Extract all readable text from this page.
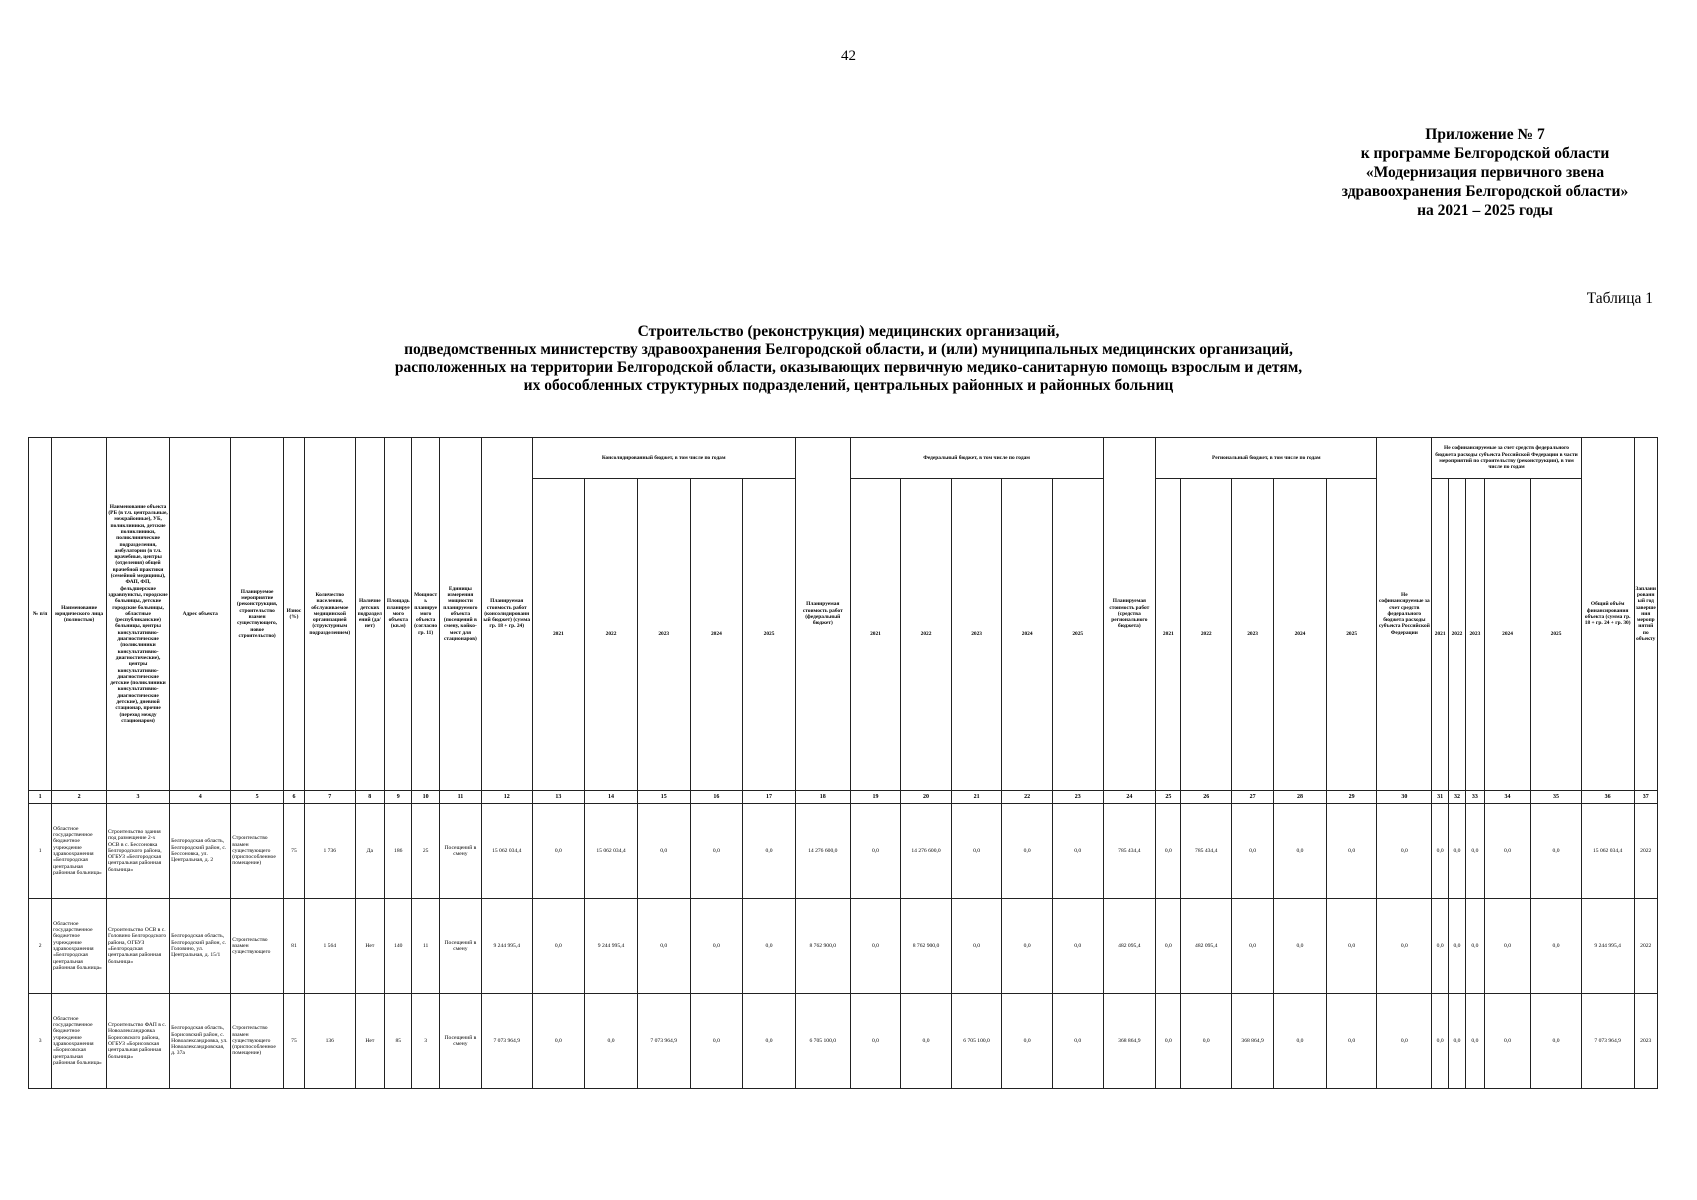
42
Приложение № 7
к программе Белгородской области
«Модернизация первичного звена
здравоохранения Белгородской области»
на 2021 – 2025 годы
Таблица 1
Строительство (реконструкция) медицинских организаций,
подведомственных министерству здравоохранения Белгородской области, и (или) муниципальных медицинских организаций,
расположенных на территории Белгородской области, оказывающих первичную медико-санитарную помощь взрослым и детям,
их обособленных структурных подразделений, центральных районных и районных больниц
№ п/п	Наименование юридического лица (полностью)	Наименование объекта (РБ (в т.ч. центральные, межрайонные), УБ, поликлиники, детские поликлиники, поликлинические подразделения, амбулатории (в т.ч. врачебные, центры (отделения) общей врачебной практики (семейной медицины), ФАП, ФП, фельдшерские здравпункты, городские больницы, детские городские больницы, областные (республиканские) больницы, центры консультативно-диагностические (поликлиники консультативно-диагностические), центры консультативно-диагностические детские (поликлиники консультативно-диагностические детские), дневной стационар, прочие (переход между стационаром)	Адрес объекта	Планируемое мероприятие (реконструкция, строительство взамен существующего, новое строительство)	Износ (%)	Количество населения, обслуживаемое медицинской организацией (структурным подразделением)	Наличие детских подразделений (да/нет)	Площадь планируемого объекта (кв.м)	Мощность планируемого объекта (согласно гр. 11)	Единицы измерения мощности планируемого объекта (посещений в смену, койко-мест для стационаров)	Планируемая стоимость работ (консолидированный бюджет) (сумма гр. 18 + гр. 24)	Консолидированный бюджет, в том числе по годам					Планируемая стоимость работ (федеральный бюджет)	Федеральный бюджет, в том числе по годам					Планируемая стоимость работ (средства регионального бюджета)	Региональный бюджет, в том числе по годам					Не софинансируемые за счет средств федерального бюджета расходы субъекта Российской Федерации	Не софинансируемые за счет средств федерального бюджета расходы субъекта Российской Федерации в части мероприятий по строительству (реконструкции), в том числе по годам					Общий объём финансирования объекта (сумма гр. 18 + гр. 24 + гр. 30)	Запланированный год завершения мероприятий по объекту
												2021	2022	2023	2024	2025		2021	2022	2023	2024	2025		2021	2022	2023	2024	2025		2021	2022	2023	2024	2025		
1	2	3	4	5	6	7	8	9	10	11	12	13	14	15	16	17	18	19	20	21	22	23	24	25	26	27	28	29	30	31	32	33	34	35	36	37
1	Областное государственное бюджетное учреждение здравоохранения «Белгородская центральная районная больница»	Строительство здания под размещение 2-х ОСВ в с. Бессоновка Белгородского района, ОГБУЗ «Белгородская центральная районная больница»	Белгородская область, Белгородский район, с. Бессоновка, ул. Центральная, д. 2	Строительство взамен существующего (приспособленное помещение)	75	1 736	Да	186	25	Посещений в смену	15 062 034,4	0,0	15 062 034,4	0,0	0,0	0,0	14 276 600,0	0,0	14 276 600,0	0,0	0,0	0,0	785 434,4	0,0	785 434,4	0,0	0,0	0,0	0,0	0,0	0,0	0,0	0,0	0,0	15 062 034,4	2022
2	Областное государственное бюджетное учреждение здравоохранения «Белгородская центральная районная больница»	Строительство ОСВ в с. Головино Белгородского района, ОГБУЗ «Белгородская центральная районная больница»	Белгородская область, Белгородский район, с. Головино, ул. Центральная, д. 15/1	Строительство взамен существующего	81	1 564	Нет	140	11	Посещений в смену	9 244 995,4	0,0	9 244 995,4	0,0	0,0	0,0	8 762 900,0	0,0	8 762 900,0	0,0	0,0	0,0	482 095,4	0,0	482 095,4	0,0	0,0	0,0	0,0	0,0	0,0	0,0	0,0	0,0	9 244 995,4	2022
3	Областное государственное бюджетное учреждение здравоохранения «Борисовская центральная районная больница»	Строительство ФАП в с. Новоалександровка Борисовского района, ОГБУЗ «Борисовская центральная районная больница»	Белгородская область, Борисовский район, с. Новоалександровка, ул. Новоалександровская, д. 37а	Строительство взамен существующего (приспособленное помещение)	75	136	Нет	85	3	Посещений в смену	7 073 964,9	0,0	0,0	7 073 964,9	0,0	0,0	6 705 100,0	0,0	0,0	6 705 100,0	0,0	0,0	368 864,9	0,0	0,0	368 864,9	0,0	0,0	0,0	0,0	0,0	0,0	0,0	0,0	7 073 964,9	2023
